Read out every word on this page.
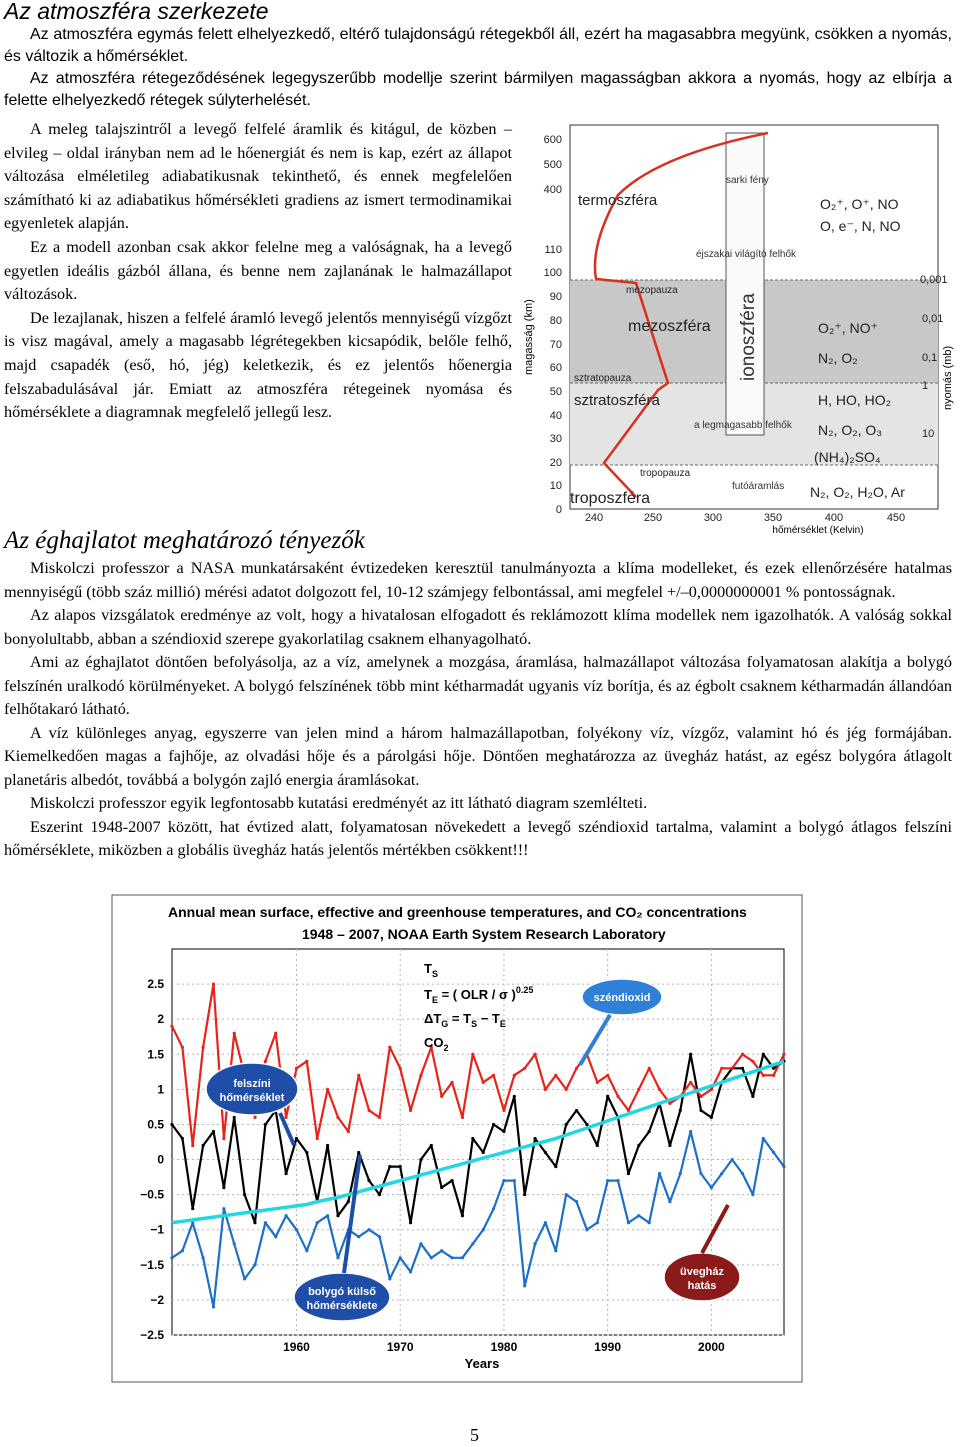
Az atmoszféra szerkezete

Az atmoszféra egymás felett elhelyezkedő, eltérő tulajdonságú rétegekből áll, ezért ha magasabbra megyünk, csökken a nyomás, és változik a hőmérséklet.

Az atmoszféra rétegeződésének legegyszerűbb modellje szerint bármilyen magasságban akkora a nyomás, hogy az elbírja a felette elhelyezkedő rétegek súlyterhelését.

A meleg talajszintről a levegő felfelé áramlik és kitágul, de közben – elvileg – oldal irányban nem ad le hőenergiát és nem is kap, ezért az állapot változása elméletileg adiabatikusnak tekinthető, és ennek megfelelően számítható ki az adiabatikus hőmérsékleti gradiens az ismert termodinamikai egyenletek alapján.

Ez a modell azonban csak akkor felelne meg a valóságnak, ha a levegő egyetlen ideális gázból állana, és benne nem zajlanának le halmazállapot változások.

De lezajlanak, hiszen a felfelé áramló levegő jelentős mennyiségű vízgőzt is visz magával, amely a magasabb légrétegekben kicsapódik, belőle felhő, majd csapadék (eső, hó, jég) keletkezik, és ez jelentős hőenergia felszabadulásával jár. Emiatt az atmoszféra rétegeinek nyomása és hőmérséklete a diagramnak megfelelő jellegű lesz.

ionoszféra
600
500
400
110
100
90
80
70
60
50
40
30
20
10
0
magasság (km)
0,001
0,01
0,1
1
10
nyomás (mb)
240	250	300	350	400	450
hőmérséklet (Kelvin)
termoszféra
mezopauza
mezoszféra
sztratopauza
sztratoszféra
tropopauza
troposzféra
sarki fény
éjszakai világító felhők
a legmagasabb felhők
futóáramlás
O₂⁺, O⁺, NO
O, e⁻, N, NO
O₂⁺, NO⁺
N₂, O₂
H, HO, HO₂
N₂, O₂, O₃
(NH₄)₂SO₄
N₂, O₂, H₂O, Ar
Az éghajlatot meghatározó tényezők

Miskolczi professzor a NASA munkatársaként évtizedeken keresztül tanulmányozta a klíma modelleket, és ezek ellenőrzésére hatalmas mennyiségű (több száz millió) mérési adatot dolgozott fel, 10-12 számjegy felbontással, ami megfelel +/–0,0000000001 % pontosságnak.

Az alapos vizsgálatok eredménye az volt, hogy a hivatalosan elfogadott és reklámozott klíma modellek nem igazolhatók. A valóság sokkal bonyolultabb, abban a széndioxid szerepe gyakorlatilag csaknem elhanyagolható.

Ami az éghajlatot döntően befolyásolja, az a víz, amelynek a mozgása, áramlása, halmazállapot változása folyamatosan alakítja a bolygó felszínén uralkodó körülményeket. A bolygó felszínének több mint kétharmadát ugyanis víz borítja, és az égbolt csaknem kétharmadán állandóan felhőtakaró látható.

A víz különleges anyag, egyszerre van jelen mind a három halmazállapotban, folyékony víz, vízgőz, valamint hó és jég formájában. Kiemelkedően magas a fajhője, az olvadási hője és a párolgási hője. Döntően meghatározza az üvegház hatást, az egész bolygóra átlagolt planetáris albedót, továbbá a bolygón zajló energia áramlásokat.

Miskolczi professzor egyik legfontosabb kutatási eredményét az itt látható diagram szemlélteti.

Eszerint 1948-2007 között, hat évtized alatt, folyamatosan növekedett a levegő széndioxid tartalma, valamint a bolygó átlagos felszíni hőmérséklete, miközben a globális üvegház hatás jelentős mértékben csökkent!!!

Annual mean surface, effective and greenhouse temperatures, and CO₂ concentrations
1948 – 2007, NOAA Earth System Research Laboratory
−2.5
−2
−1.5
−1
−0.5
0
0.5
1
1.5
2
2.5
1960	1970	1980	1990	2000
$T_S$
$T_E$ = ( OLR / σ )$^{0.25}$
$\Delta T_G = T_S - T_E$
$CO_2$
széndioxid
felszíni
hőmérséklet
bolygó külső
hőmérséklete
üvegház
hatás
Years
5
